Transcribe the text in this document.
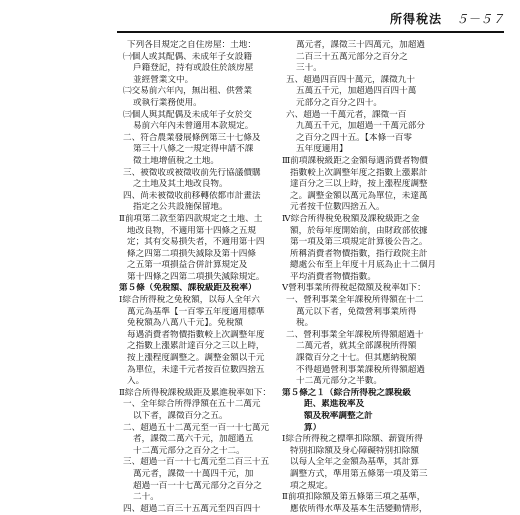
所得稅法 ５－５７
下列各目規定之自住房屋：土地：
㈠個人或其配偶、未成年子女設籍
戶籍登記，持有或設住於該房屋
並經營業文中。
㈡交易前六年內，無出租、供營業
或執行業務使用。
㈢個人與其配偶及未成年子女於交
易前六年內未曾適用本款規定。
二、符合農業發展條例第三十七條及
第三十八條之一規定得申請不課
徵土地增值稅之土地。
三、被徵收或被徵收前先行協議價購
之土地及其土地改良物。
四、尚未被徵收前移轉依都市計畫法
指定之公共設施保留地。
Ⅱ前項第二款至第四款規定之土地、土
地改良物，不適用第十四條之五規
定；其有交易損失者，不適用第十四
條之四第二項損失減除及第十四條
之五第一項損益合併計算規定及
第十四條之四第二項損失減除規定。
第５條（免稅額、課稅級距及稅率）
Ⅰ綜合所得稅之免稅額，以每人全年六
萬元為基準【一百零五年度適用標準
免稅額為八萬八千元】。免稅額
每遇消費者物價指數較上次調整年度
之指數上漲累計達百分之三以上時，
按上漲程度調整之。調整金額以千元
為單位，未達千元者按百位數四捨五
入。
Ⅱ綜合所得稅課稅級距及累進稅率如下：
一、全年綜合所得淨額在五十二萬元
以下者，課徵百分之五。
二、超過五十二萬元至一百一十七萬元
者，課徵二萬六千元，加超過五
十二萬元部分之百分之十二。
三、超過一百一十七萬元至二百三十五
萬元者，課徵一十萬四千元，加
超過一百一十七萬元部分之百分之
二十。
四、超過二百三十五萬元至四百四十
萬元者，課徵三十四萬元，加超過
二百三十五萬元部分之百分之
三十。
五、超過四百四十萬元，課徵九十
五萬五千元，加超過四百四十萬
元部分之百分之四十。
六、超過一千萬元者，課徵一百
九萬五千元，加超過一千萬元部分
之百分之四十五。【本條一百零
五年度適用】
Ⅲ前項課稅級距之金額每遇消費者物價
指數較上次調整年度之指數上漲累計
達百分之三以上時，按上漲程度調整
之。調整金額以萬元為單位，未達萬
元者按千位數四捨五入。
Ⅳ綜合所得稅免稅額及課稅級距之金
額，於每年度開始前，由財政部依據
第一項及第三項規定計算後公告之。
所稱消費者物價指數，指行政院主計
總處公布至上年度十月底為止十二個月
平均消費者物價指數。
Ⅴ營利事業所得稅起徵額及稅率如下：
一、營利事業全年課稅所得額在十二
萬元以下者，免徵營利事業所得
稅。
二、營利事業全年課稅所得額超過十
二萬元者，就其全部課稅所得額
課徵百分之十七。但其應納稅額
不得超過營利事業課稅所得額超過
十二萬元部分之半數。
第５條之１（綜合所得稅之課稅級
距、累進稅率及
額及稅率調整之計
算）
Ⅰ綜合所得稅之標準扣除額、薪資所得
特別扣除額及身心障礙特別扣除額
以每人全年之金額為基準，其計算
調整方式，準用第五條第一項及第三
項之規定。
Ⅱ前項扣除額及第五條第三項之基準，
應依所得水準及基本生活變動情形，
